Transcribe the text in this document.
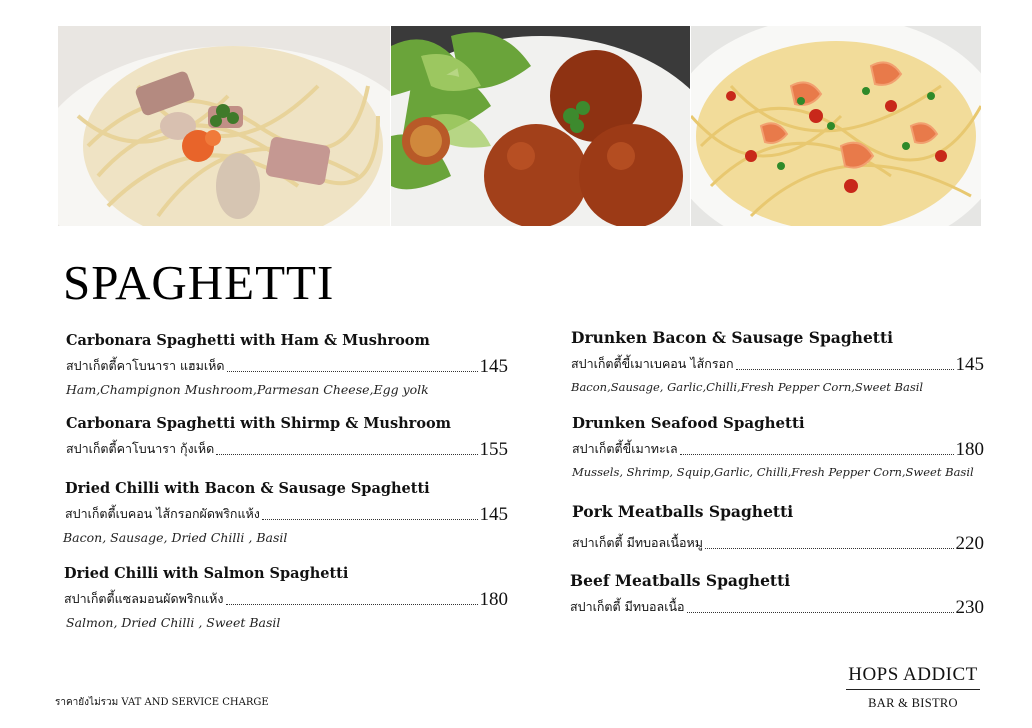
SPAGHETTI
Carbonara Spaghetti with Ham & Mushroom
สปาเก็ตตี้คาโบนารา แฮมเห็ด	145
Ham,Champignon Mushroom,Parmesan Cheese,Egg yolk
Carbonara Spaghetti with Shirmp & Mushroom
สปาเก็ตตี้คาโบนารา กุ้งเห็ด	155
Dried Chilli with Bacon & Sausage Spaghetti
สปาเก็ตตี้เบคอน ไส้กรอกผัดพริกแห้ง	145
Bacon, Sausage, Dried Chilli , Basil
Dried Chilli with Salmon Spaghetti
สปาเก็ตตี้แซลมอนผัดพริกแห้ง	180
Salmon, Dried Chilli , Sweet Basil
Drunken Bacon & Sausage Spaghetti
สปาเก็ตตี้ขี้เมาเบคอน ไส้กรอก	145
Bacon,Sausage, Garlic,Chilli,Fresh Pepper Corn,Sweet Basil
Drunken Seafood Spaghetti
สปาเก็ตตี้ขี้เมาทะเล	180
Mussels, Shrimp, Squip,Garlic, Chilli,Fresh Pepper Corn,Sweet Basil
Pork Meatballs Spaghetti
สปาเก็ตตี้ มีทบอลเนื้อหมู	220
Beef Meatballs Spaghetti
สปาเก็ตตี้ มีทบอลเนื้อ	230
ราคายังไม่รวม VAT AND SERVICE CHARGE
HOPS ADDICT
BAR & BISTRO
